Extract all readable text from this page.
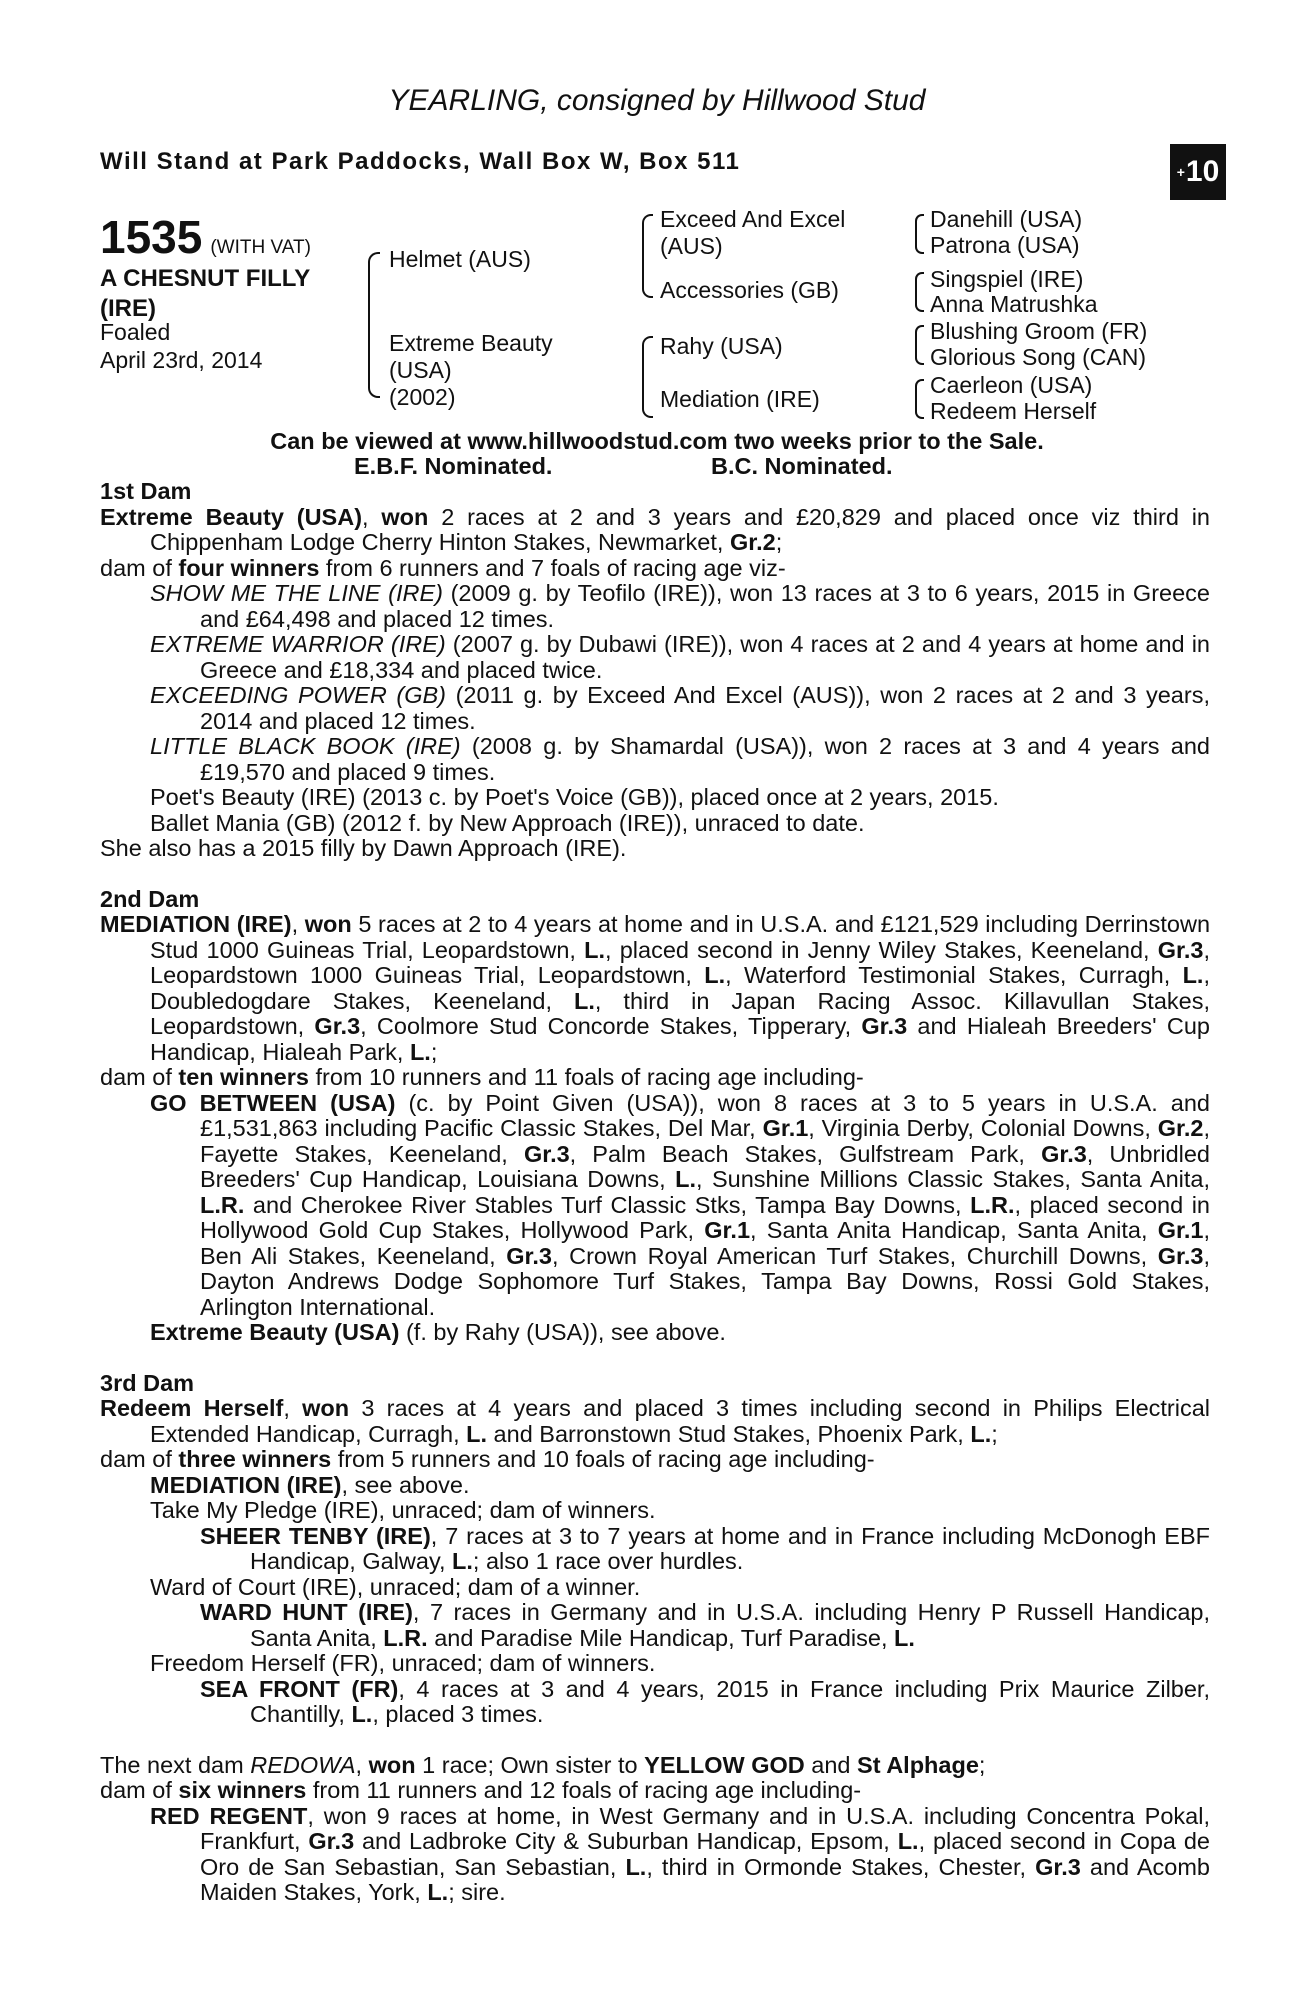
YEARLING, consigned by Hillwood Stud
Will Stand at Park Paddocks, Wall Box W, Box 511	+ 10
1535 (WITH VAT)
A CHESNUT FILLY
(IRE)
Foaled
April 23rd, 2014
Helmet (AUS)
Extreme Beauty
(USA)
(2002)
Exceed And Excel
(AUS)
Accessories (GB)
Rahy (USA)
Mediation (IRE)
Danehill (USA)
Patrona (USA)
Singspiel (IRE)
Anna Matrushka
Blushing Groom (FR)
Glorious Song (CAN)
Caerleon (USA)
Redeem Herself
Can be viewed at www.hillwoodstud.com two weeks prior to the Sale.
E.B.F. Nominated.	B.C. Nominated.

1st Dam

Extreme Beauty (USA), won 2 races at 2 and 3 years and £20,829 and placed once viz third in Chippenham Lodge Cherry Hinton Stakes, Newmarket, Gr.2;

dam of four winners from 6 runners and 7 foals of racing age viz-

SHOW ME THE LINE (IRE) (2009 g. by Teofilo (IRE)), won 13 races at 3 to 6 years, 2015 in Greece and £64,498 and placed 12 times.

EXTREME WARRIOR (IRE) (2007 g. by Dubawi (IRE)), won 4 races at 2 and 4 years at home and in Greece and £18,334 and placed twice.

EXCEEDING POWER (GB) (2011 g. by Exceed And Excel (AUS)), won 2 races at 2 and 3 years, 2014 and placed 12 times.

LITTLE BLACK BOOK (IRE) (2008 g. by Shamardal (USA)), won 2 races at 3 and 4 years and £19,570 and placed 9 times.

Poet's Beauty (IRE) (2013 c. by Poet's Voice (GB)), placed once at 2 years, 2015.

Ballet Mania (GB) (2012 f. by New Approach (IRE)), unraced to date.

She also has a 2015 filly by Dawn Approach (IRE).

2nd Dam

MEDIATION (IRE), won 5 races at 2 to 4 years at home and in U.S.A. and £121,529 including Derrinstown Stud 1000 Guineas Trial, Leopardstown, L., placed second in Jenny Wiley Stakes, Keeneland, Gr.3, Leopardstown 1000 Guineas Trial, Leopardstown, L., Waterford Testimonial Stakes, Curragh, L., Doubledogdare Stakes, Keeneland, L., third in Japan Racing Assoc. Killavullan Stakes, Leopardstown, Gr.3, Coolmore Stud Concorde Stakes, Tipperary, Gr.3 and Hialeah Breeders' Cup Handicap, Hialeah Park, L.;

dam of ten winners from 10 runners and 11 foals of racing age including-

GO BETWEEN (USA) (c. by Point Given (USA)), won 8 races at 3 to 5 years in U.S.A. and £1,531,863 including Pacific Classic Stakes, Del Mar, Gr.1, Virginia Derby, Colonial Downs, Gr.2, Fayette Stakes, Keeneland, Gr.3, Palm Beach Stakes, Gulfstream Park, Gr.3, Unbridled Breeders' Cup Handicap, Louisiana Downs, L., Sunshine Millions Classic Stakes, Santa Anita, L.R. and Cherokee River Stables Turf Classic Stks, Tampa Bay Downs, L.R., placed second in Hollywood Gold Cup Stakes, Hollywood Park, Gr.1, Santa Anita Handicap, Santa Anita, Gr.1, Ben Ali Stakes, Keeneland, Gr.3, Crown Royal American Turf Stakes, Churchill Downs, Gr.3, Dayton Andrews Dodge Sophomore Turf Stakes, Tampa Bay Downs, Rossi Gold Stakes, Arlington International.

Extreme Beauty (USA) (f. by Rahy (USA)), see above.

3rd Dam

Redeem Herself, won 3 races at 4 years and placed 3 times including second in Philips Electrical Extended Handicap, Curragh, L. and Barronstown Stud Stakes, Phoenix Park, L.;

dam of three winners from 5 runners and 10 foals of racing age including-

MEDIATION (IRE), see above.

Take My Pledge (IRE), unraced; dam of winners.

SHEER TENBY (IRE), 7 races at 3 to 7 years at home and in France including McDonogh EBF Handicap, Galway, L.; also 1 race over hurdles.

Ward of Court (IRE), unraced; dam of a winner.

WARD HUNT (IRE), 7 races in Germany and in U.S.A. including Henry P Russell Handicap, Santa Anita, L.R. and Paradise Mile Handicap, Turf Paradise, L.

Freedom Herself (FR), unraced; dam of winners.

SEA FRONT (FR), 4 races at 3 and 4 years, 2015 in France including Prix Maurice Zilber, Chantilly, L., placed 3 times.

The next dam REDOWA, won 1 race; Own sister to YELLOW GOD and St Alphage;

dam of six winners from 11 runners and 12 foals of racing age including-

RED REGENT, won 9 races at home, in West Germany and in U.S.A. including Concentra Pokal, Frankfurt, Gr.3 and Ladbroke City & Suburban Handicap, Epsom, L., placed second in Copa de Oro de San Sebastian, San Sebastian, L., third in Ormonde Stakes, Chester, Gr.3 and Acomb Maiden Stakes, York, L.; sire.
